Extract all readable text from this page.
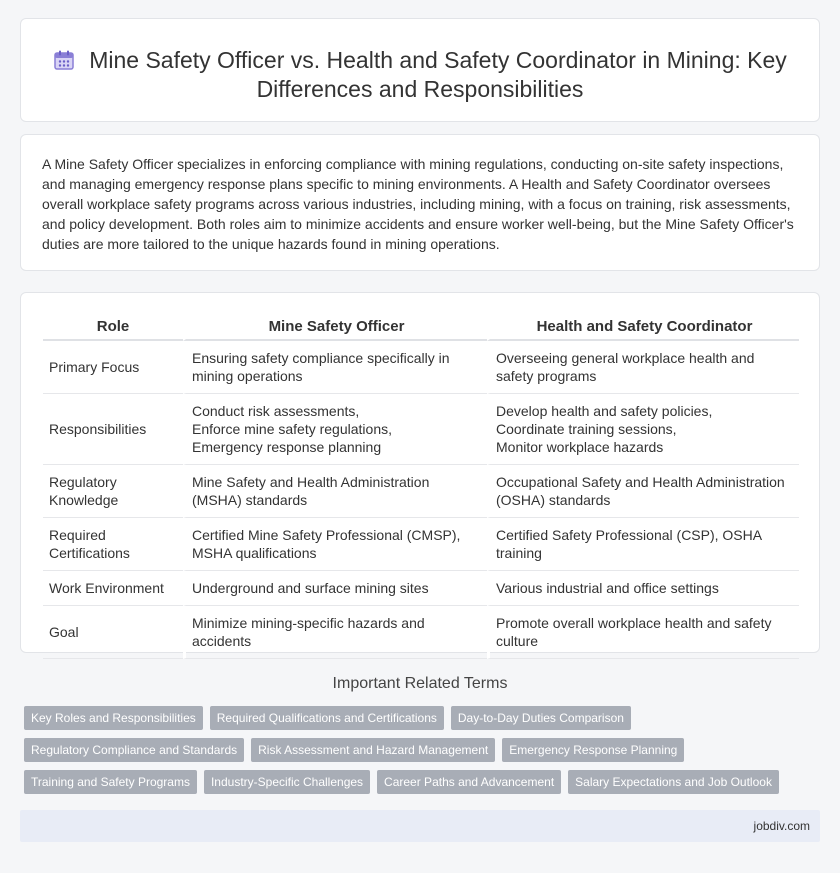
Mine Safety Officer vs. Health and Safety Coordinator in Mining: Key Differences and Responsibilities

A Mine Safety Officer specializes in enforcing compliance with mining regulations, conducting on-site safety inspections, and managing emergency response plans specific to mining environments. A Health and Safety Coordinator oversees overall workplace safety programs across various industries, including mining, with a focus on training, risk assessments, and policy development. Both roles aim to minimize accidents and ensure worker well-being, but the Mine Safety Officer's duties are more tailored to the unique hazards found in mining operations.

Role	Mine Safety Officer	Health and Safety Coordinator
Primary Focus	Ensuring safety compliance specifically in mining operations	Overseeing general workplace health and safety programs

Responsibilities	Conduct risk assessments,
Enforce mine safety regulations,
Emergency response planning	Develop health and safety policies,
Coordinate training sessions,
Monitor workplace hazards

Regulatory Knowledge	Mine Safety and Health Administration (MSHA) standards	Occupational Safety and Health Administration (OSHA) standards

Required Certifications	Certified Mine Safety Professional (CMSP), MSHA qualifications	Certified Safety Professional (CSP), OSHA training

Work Environment	Underground and surface mining sites	Various industrial and office settings

Goal	Minimize mining-specific hazards and accidents	Promote overall workplace health and safety culture
Important Related Terms
Key Roles and Responsibilities	Required Qualifications and Certifications	Day-to-Day Duties Comparison
Regulatory Compliance and Standards	Risk Assessment and Hazard Management	Emergency Response Planning
Training and Safety Programs	Industry-Specific Challenges	Career Paths and Advancement	Salary Expectations and Job Outlook
jobdiv.com
